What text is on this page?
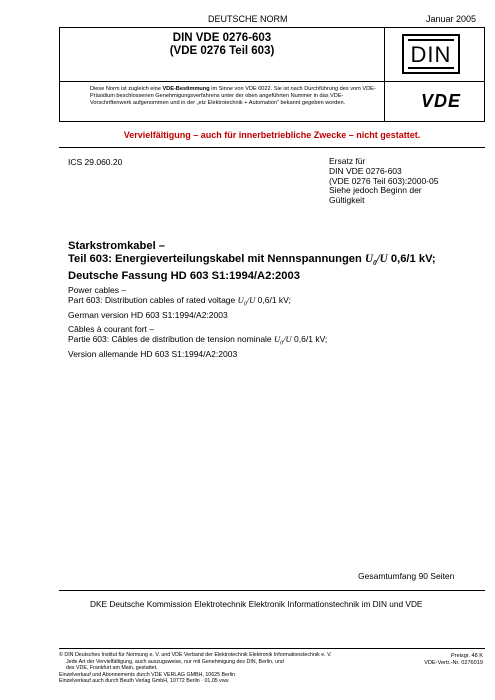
DEUTSCHE NORM	Januar 2005
DIN VDE 0276-603
(VDE 0276 Teil 603)
Diese Norm ist zugleich eine VDE-Bestimmung im Sinne von VDE 0022. Sie ist nach Durchführung des vom VDE-Präsidium beschlossenen Genehmigungsverfahrens unter der oben angeführten Nummer in das VDE-Vorschriftenwerk aufgenommen und in der „etz Elektrotechnik + Automation“ bekannt gegeben worden.
DIN
VDE
Vervielfältigung – auch für innerbetriebliche Zwecke – nicht gestattet.
ICS 29.060.20	Ersatz für
DIN VDE 0276-603
(VDE 0276 Teil 603):2000-05
Siehe jedoch Beginn der
Gültigkeit
Starkstromkabel –
Teil 603: Energieverteilungskabel mit Nennspannungen $U_0/U$ 0,6/1 kV;
Deutsche Fassung HD 603 S1:1994/A2:2003
Power cables –
Part 603: Distribution cables of rated voltage $U_0/U$ 0,6/1 kV;
German version HD 603 S1:1994/A2:2003
Câbles à courant fort –
Partie 603: Câbles de distribution de tension nominale $U_0/U$ 0,6/1 kV;
Version allemande HD 603 S1:1994/A2:2003
Gesamtumfang 90 Seiten
DKE Deutsche Kommission Elektrotechnik Elektronik Informationstechnik im DIN und VDE
© DIN Deutsches Institut für Normung e. V. und VDE Verband der Elektrotechnik Elektronik Informationstechnik e. V.
Jede Art der Vervielfältigung, auch auszugsweise, nur mit Genehmigung des DIN, Berlin, und
des VDE, Frankfurt am Main, gestattet.
Einzelverkauf und Abonnements durch VDE VERLAG GMBH, 10625 Berlin
Einzelverkauf auch durch Beuth Verlag GmbH, 10772 Berlin · 01.05 vwu
Preisgr. 48 K
VDE-Vertr.-Nr. 0276019
